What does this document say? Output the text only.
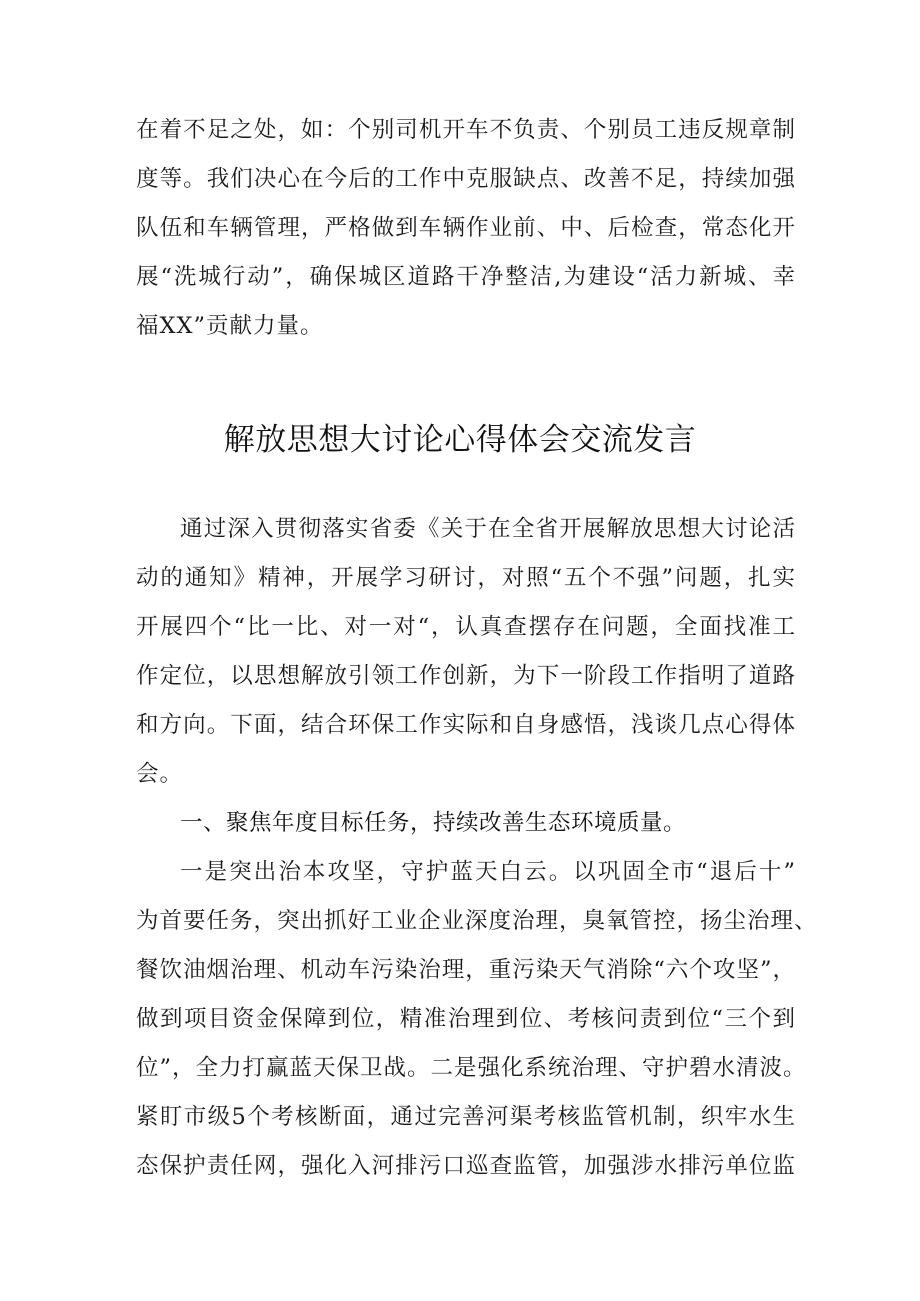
在着不足之处，如：个别司机开车不负责、个别员工违反规章制
度等。我们决心在今后的工作中克服缺点、改善不足，持续加强
队伍和车辆管理，严格做到车辆作业前、中、后检查，常态化开
展“洗城行动”，确保城区道路干净整洁,为建设“活力新城、幸
福XX”贡献力量。
解放思想大讨论心得体会交流发言
通过深入贯彻落实省委《关于在全省开展解放思想大讨论活
动的通知》精神，开展学习研讨，对照“五个不强”问题，扎实
开展四个“比一比、对一对“，认真查摆存在问题，全面找准工
作定位，以思想解放引领工作创新，为下一阶段工作指明了道路
和方向。下面，结合环保工作实际和自身感悟，浅谈几点心得体
会。
一、聚焦年度目标任务，持续改善生态环境质量。
一是突出治本攻坚，守护蓝天白云。以巩固全市“退后十”
为首要任务，突出抓好工业企业深度治理，臭氧管控，扬尘治理、
餐饮油烟治理、机动车污染治理，重污染天气消除“六个攻坚”，
做到项目资金保障到位，精准治理到位、考核问责到位“三个到
位”，全力打赢蓝天保卫战。二是强化系统治理、守护碧水清波。
紧盯市级5个考核断面，通过完善河渠考核监管机制，织牢水生
态保护责任网，强化入河排污口巡查监管，加强涉水排污单位监
